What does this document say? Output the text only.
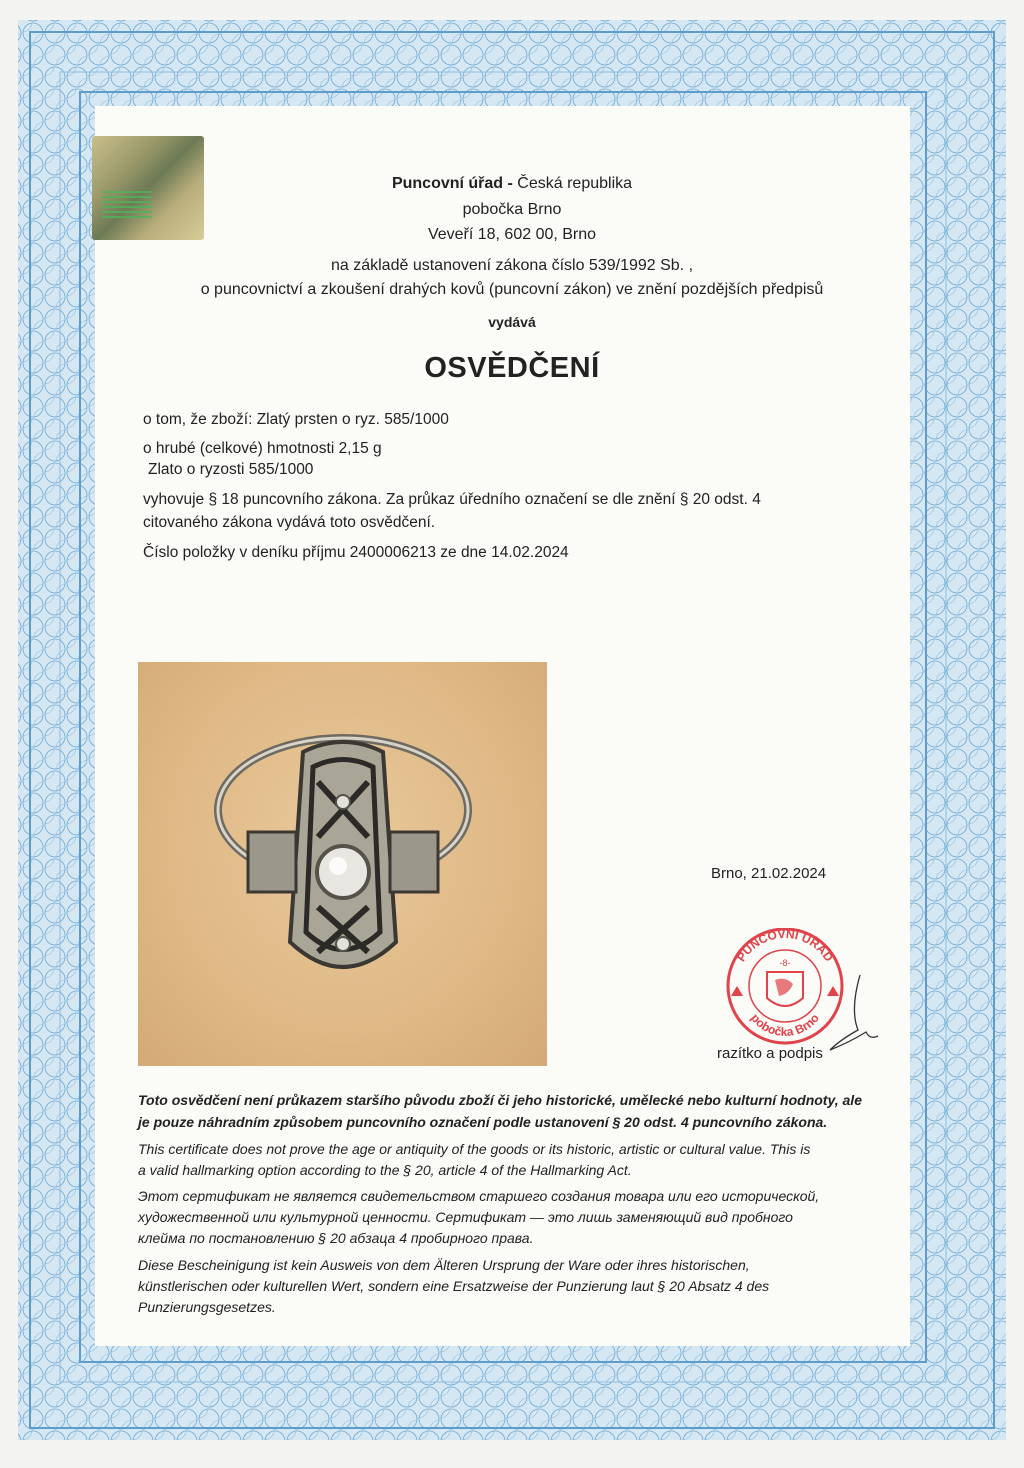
Puncovní úřad - Česká republika
pobočka Brno
Veveří 18, 602 00, Brno
na základě ustanovení zákona číslo 539/1992 Sb. ,
o puncovnictví a zkoušení drahých kovů (puncovní zákon) ve znění pozdějších předpisů
vydává
OSVĚDČENÍ
o tom, že zboží: Zlatý prsten o ryz. 585/1000
o hrubé (celkové) hmotnosti 2,15 g
Zlato o ryzosti 585/1000
vyhovuje § 18 puncovního zákona. Za průkaz úředního označení se dle znění § 20 odst. 4
citovaného zákona vydává toto osvědčení.
Číslo položky v deníku příjmu 2400006213 ze dne 14.02.2024
Brno, 21.02.2024
PUNCOVNÍ ÚŘAD
pobočka Brno
-8-
razítko a podpis
Toto osvědčení není průkazem staršího původu zboží či jeho historické, umělecké nebo kulturní hodnoty, ale
je pouze náhradním způsobem puncovního označení podle ustanovení § 20 odst. 4 puncovního zákona.
This certificate does not prove the age or antiquity of the goods or its historic, artistic or cultural value. This is
a valid hallmarking option according to the § 20, article 4 of the Hallmarking Act.
Этот сертификат не является свидетельством старшего создания товара или его исторической,
художественной или культурной ценности. Сертификат — это лишь заменяющий вид пробного
клейма по постановлению § 20 абзаца 4 пробирного права.
Diese Bescheinigung ist kein Ausweis von dem Älteren Ursprung der Ware oder ihres historischen,
künstlerischen oder kulturellen Wert, sondern eine Ersatzweise der Punzierung laut § 20 Absatz 4 des
Punzierungsgesetzes.
